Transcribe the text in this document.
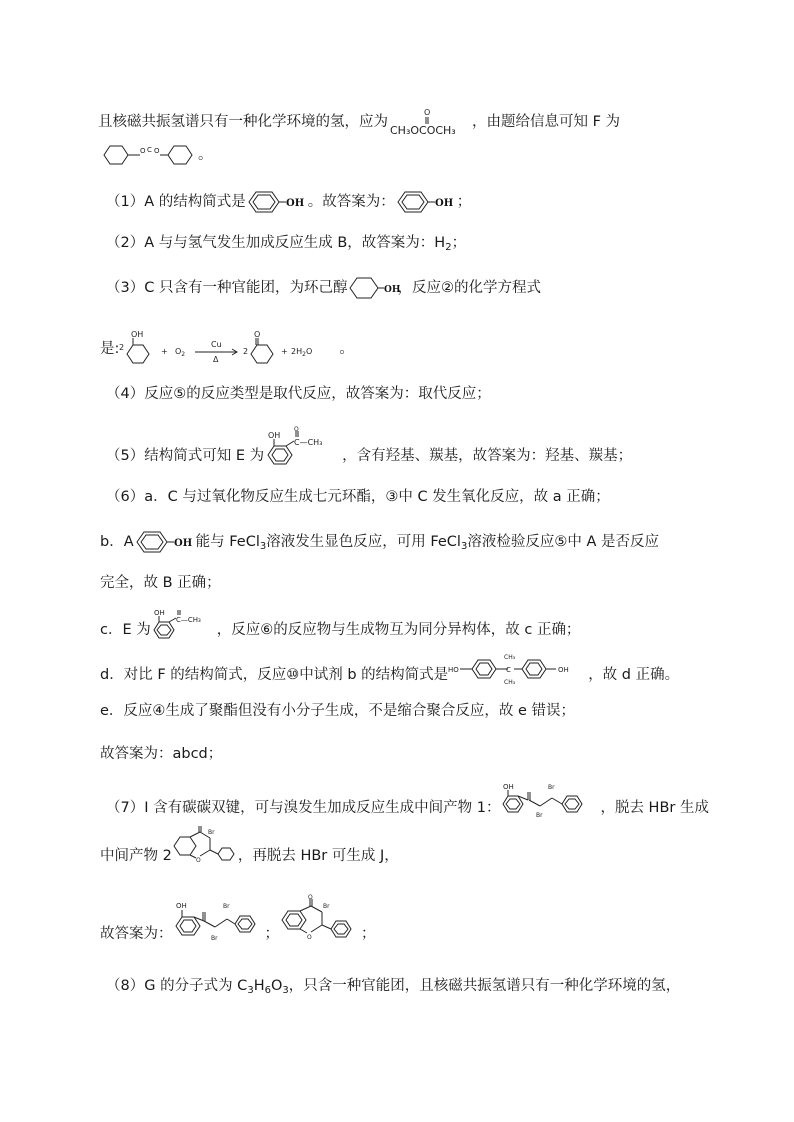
且核磁共振氢谱只有一种化学环境的氢，应为
O
CH₃OCOCH₃
，由题给信息可知 F 为
O C O	。
（1）A 的结构简式是	OH 。故答案为：	OH ；
（2）A 与与氢气发生加成反应生成 B，故答案为：$H_2$；
（3）C 只含有一种官能团，为环己醇	OH
，反应②的化学方程式
是: 2
OH
+ $O_2$
Cu
Δ
2
O
+ $2H_2O$ 。
（4）反应⑤的反应类型是取代反应，故答案为：取代反应；
（5）结构简式可知 E 为
OH
C—CH₃
O
，含有羟基、羰基，故答案为：羟基、羰基；
（6）a．C 与过氧化物反应生成七元环酯，③中 C 发生氧化反应，故 a 正确；
b．A	OH 能与 FeCl$_3$溶液发生显色反应，可用 FeCl$_3$溶液检验反应⑤中 A 是否反应
完全，故 B 正确；
c．E 为
OH
C—CH₃
，反应⑥的反应物与生成物互为同分异构体，故 c 正确；
d．对比 F 的结构简式，反应⑩中试剂 b 的结构简式是 HO
CH₃
C
CH₃
OH ，故 d 正确。
e．反应④生成了聚酯但没有小分子生成，不是缩合聚合反应，故 e 错误；
故答案为：abcd；
（7）I 含有碳碳双键，可与溴发生加成反应生成中间产物 1：
OH
Br
Br
，脱去 HBr 生成
中间产物 2
Br
O	，再脱去 HBr 可生成 J，
故答案为：
OH
Br
Br
；
O
Br
O	；
（8）G 的分子式为 $C_3H_6O_3$，只含一种官能团，且核磁共振氢谱只有一种化学环境的氢，
